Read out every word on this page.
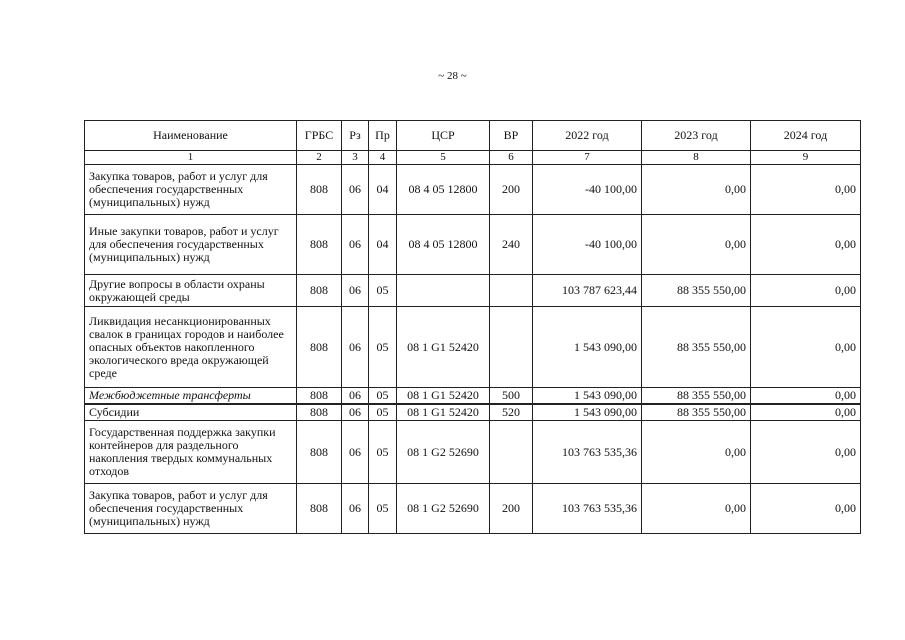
~ 28 ~
Наименование	ГРБС	Рз	Пр	ЦСР	ВР	2022 год	2023 год	2024 год
1	2	3	4	5	6	7	8	9
Закупка товаров, работ и услуг для обеспечения государственных (муниципальных) нужд	808	06	04	08 4 05 12800	200	-40 100,00	0,00	0,00
Иные закупки товаров, работ и услуг для обеспечения государственных (муниципальных) нужд	808	06	04	08 4 05 12800	240	-40 100,00	0,00	0,00
Другие вопросы в области охраны окружающей среды	808	06	05			103 787 623,44	88 355 550,00	0,00
Ликвидация несанкционированных свалок в границах городов и наиболее опасных объектов накопленного экологического вреда окружающей среде	808	06	05	08 1 G1 52420		1 543 090,00	88 355 550,00	0,00
Межбюджетные трансферты	808	06	05	08 1 G1 52420	500	1 543 090,00	88 355 550,00	0,00
Субсидии	808	06	05	08 1 G1 52420	520	1 543 090,00	88 355 550,00	0,00
Государственная поддержка закупки контейнеров для раздельного накопления твердых коммунальных отходов	808	06	05	08 1 G2 52690		103 763 535,36	0,00	0,00
Закупка товаров, работ и услуг для обеспечения государственных (муниципальных) нужд	808	06	05	08 1 G2 52690	200	103 763 535,36	0,00	0,00
